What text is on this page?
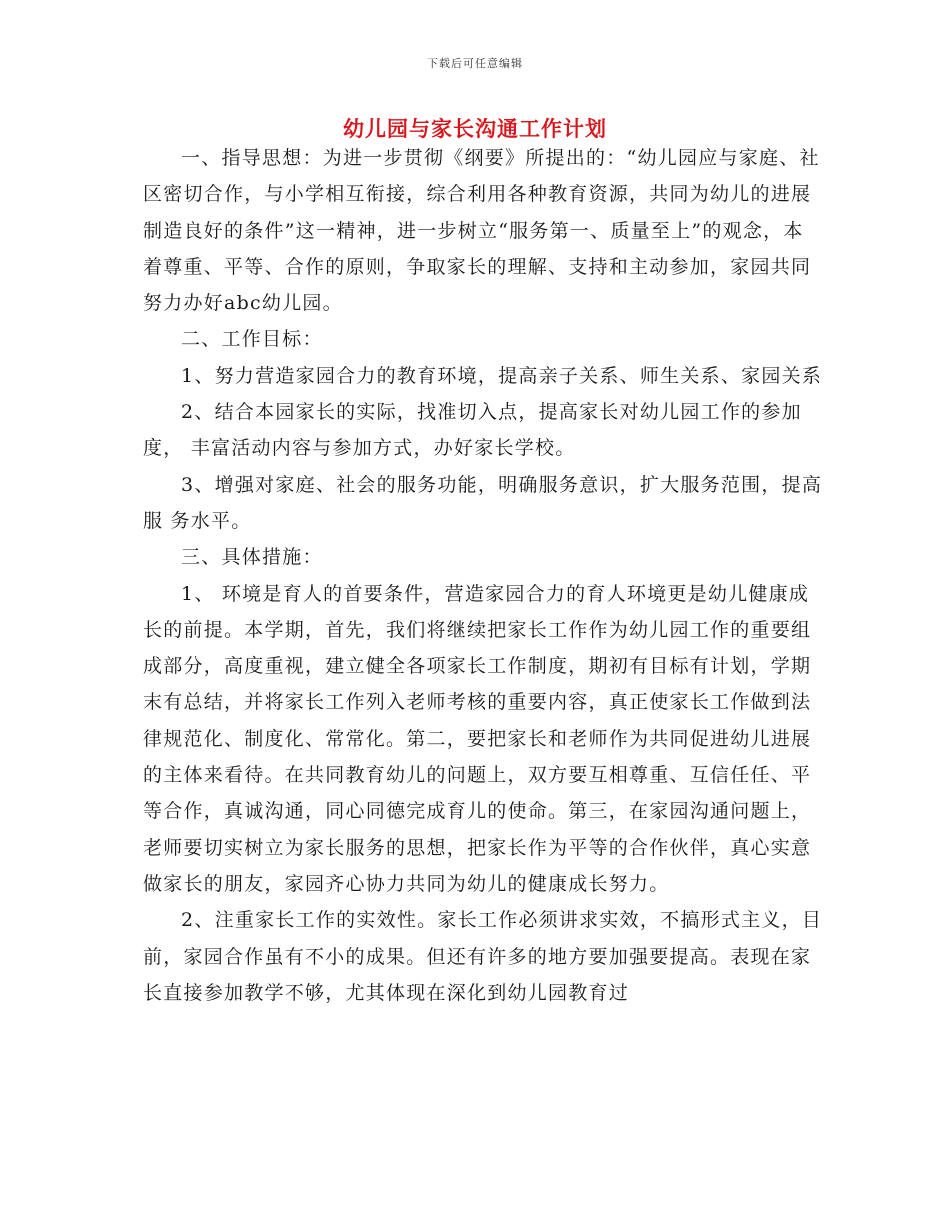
下载后可任意编辑
幼儿园与家长沟通工作计划

一、指导思想：为进一步贯彻《纲要》所提出的：“幼儿园应与家庭、社区密切合作，与小学相互衔接，综合利用各种教育资源，共同为幼儿的进展制造良好的条件”这一精神，进一步树立“服务第一、质量至上”的观念，本着尊重、平等、合作的原则，争取家长的理解、支持和主动参加，家园共同努力办好abc幼儿园。

二、工作目标：

1、努力营造家园合力的教育环境，提高亲子关系、师生关系、家园关系

2、结合本园家长的实际，找准切入点，提高家长对幼儿园工作的参加度， 丰富活动内容与参加方式，办好家长学校。

3、增强对家庭、社会的服务功能，明确服务意识，扩大服务范围，提高服 务水平。

三、具体措施：

1、 环境是育人的首要条件，营造家园合力的育人环境更是幼儿健康成长的前提。本学期，首先，我们将继续把家长工作作为幼儿园工作的重要组成部分，高度重视，建立健全各项家长工作制度，期初有目标有计划，学期末有总结，并将家长工作列入老师考核的重要内容，真正使家长工作做到法律规范化、制度化、常常化。第二，要把家长和老师作为共同促进幼儿进展的主体来看待。在共同教育幼儿的问题上，双方要互相尊重、互信任任、平等合作，真诚沟通，同心同德完成育儿的使命。第三，在家园沟通问题上，老师要切实树立为家长服务的思想，把家长作为平等的合作伙伴，真心实意做家长的朋友，家园齐心协力共同为幼儿的健康成长努力。

2、注重家长工作的实效性。家长工作必须讲求实效，不搞形式主义，目前，家园合作虽有不小的成果。但还有许多的地方要加强要提高。表现在家长直接参加教学不够，尤其体现在深化到幼儿园教育过
